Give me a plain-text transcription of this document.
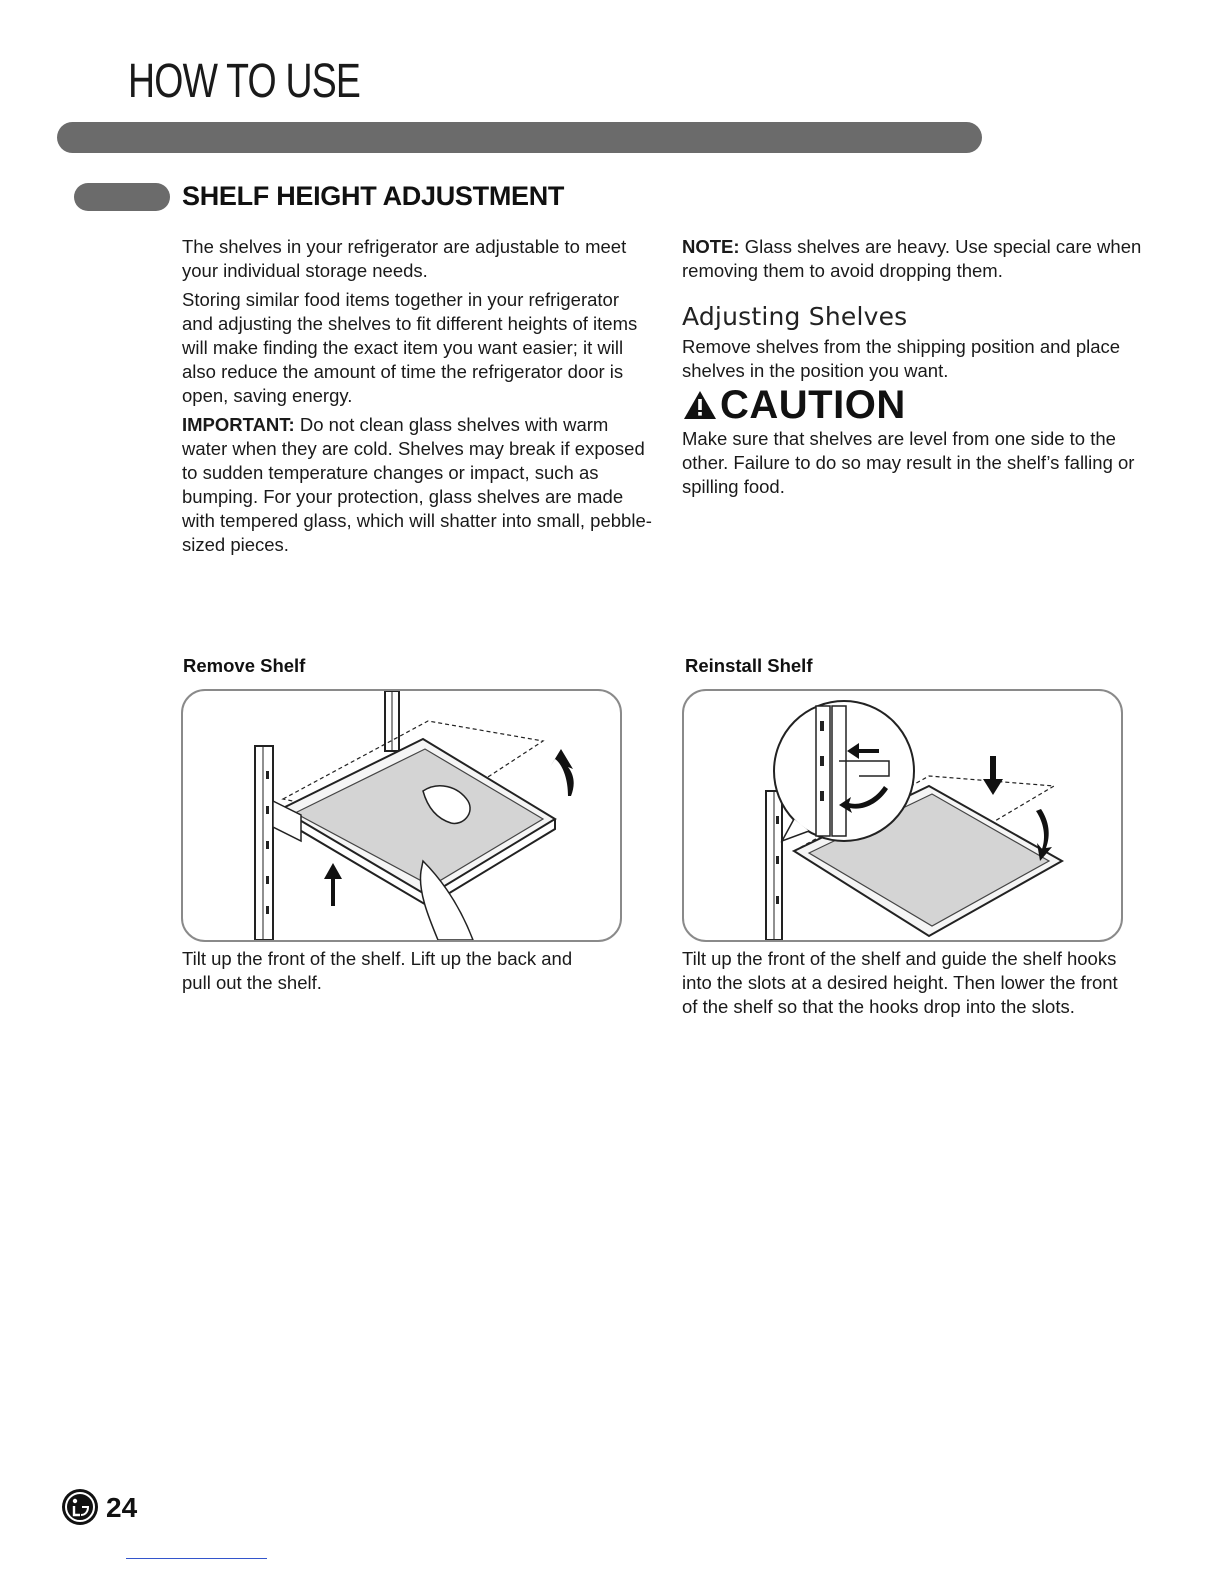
HOW TO USE
SHELF HEIGHT ADJUSTMENT

The shelves in your refrigerator are adjustable to meet your individual storage needs.

Storing similar food items together in your refrigerator and adjusting the shelves to fit different heights of items will make finding the exact item you want easier; it will also reduce the amount of time the refrigerator door is open, saving energy.

IMPORTANT: Do not clean glass shelves with warm water when they are cold. Shelves may break if exposed to sudden temperature changes or impact, such as bumping. For your protection, glass shelves are made with tempered glass, which will shatter into small, pebble-sized pieces.

NOTE: Glass shelves are heavy. Use special care when removing them to avoid dropping them.

Adjusting Shelves

Remove shelves from the shipping position and place shelves in the position you want.

CAUTION

Make sure that shelves are level from one side to the other. Failure to do so may result in the shelf’s falling or spilling food.

Remove Shelf
Tilt up the front of the shelf. Lift up the back and pull out the shelf.
Reinstall Shelf
Tilt up the front of the shelf and guide the shelf hooks into the slots at a desired height. Then lower the front of the shelf so that the hooks drop into the slots.
24
